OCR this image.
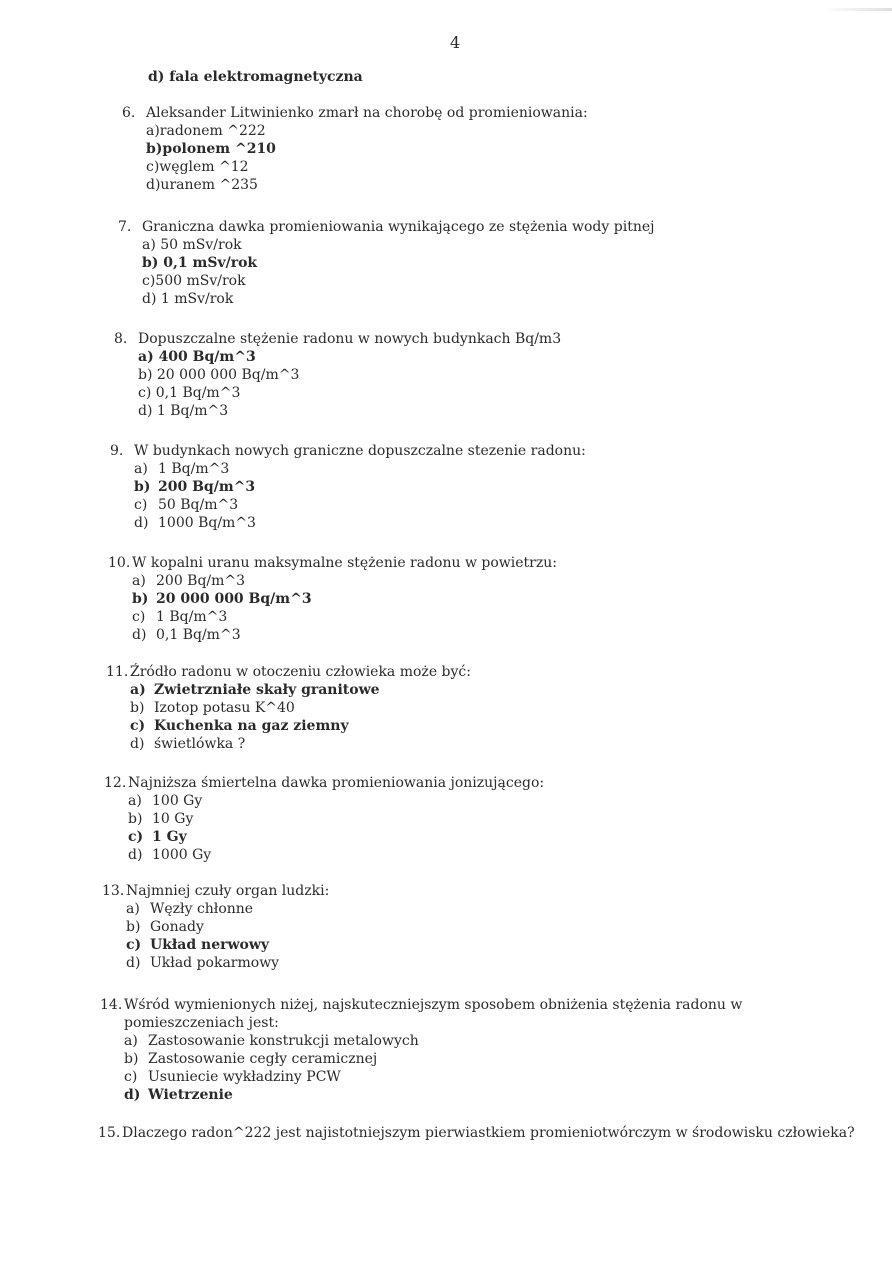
4
d) fala elektromagnetyczna
6. Aleksander Litwinienko zmarł na chorobę od promieniowania:
a)radonem ^222
b)polonem ^210
c)węglem ^12
d)uranem ^235
7. Graniczna dawka promieniowania wynikającego ze stężenia wody pitnej
a) 50 mSv/rok
b) 0,1 mSv/rok
c)500 mSv/rok
d) 1 mSv/rok
8. Dopuszczalne stężenie radonu w nowych budynkach Bq/m3
a) 400 Bq/m^3
b) 20 000 000 Bq/m^3
c) 0,1 Bq/m^3
d) 1 Bq/m^3
9. W budynkach nowych graniczne dopuszczalne stezenie radonu:
a) 1 Bq/m^3
b) 200 Bq/m^3
c) 50 Bq/m^3
d) 1000 Bq/m^3
10. W kopalni uranu maksymalne stężenie radonu w powietrzu:
a) 200 Bq/m^3
b) 20 000 000 Bq/m^3
c) 1 Bq/m^3
d) 0,1 Bq/m^3
11. Źródło radonu w otoczeniu człowieka może być:
a) Zwietrzniałe skały granitowe
b) Izotop potasu K^40
c) Kuchenka na gaz ziemny
d) świetlówka ?
12. Najniższa śmiertelna dawka promieniowania jonizującego:
a) 100 Gy
b) 10 Gy
c) 1 Gy
d) 1000 Gy
13. Najmniej czuły organ ludzki:
a) Węzły chłonne
b) Gonady
c) Układ nerwowy
d) Układ pokarmowy
14. Wśród wymienionych niżej, najskuteczniejszym sposobem obniżenia stężenia radonu w
pomieszczeniach jest:
a) Zastosowanie konstrukcji metalowych
b) Zastosowanie cegły ceramicznej
c) Usuniecie wykładziny PCW
d) Wietrzenie
15. Dlaczego radon^222 jest najistotniejszym pierwiastkiem promieniotwórczym w środowisku człowieka?
